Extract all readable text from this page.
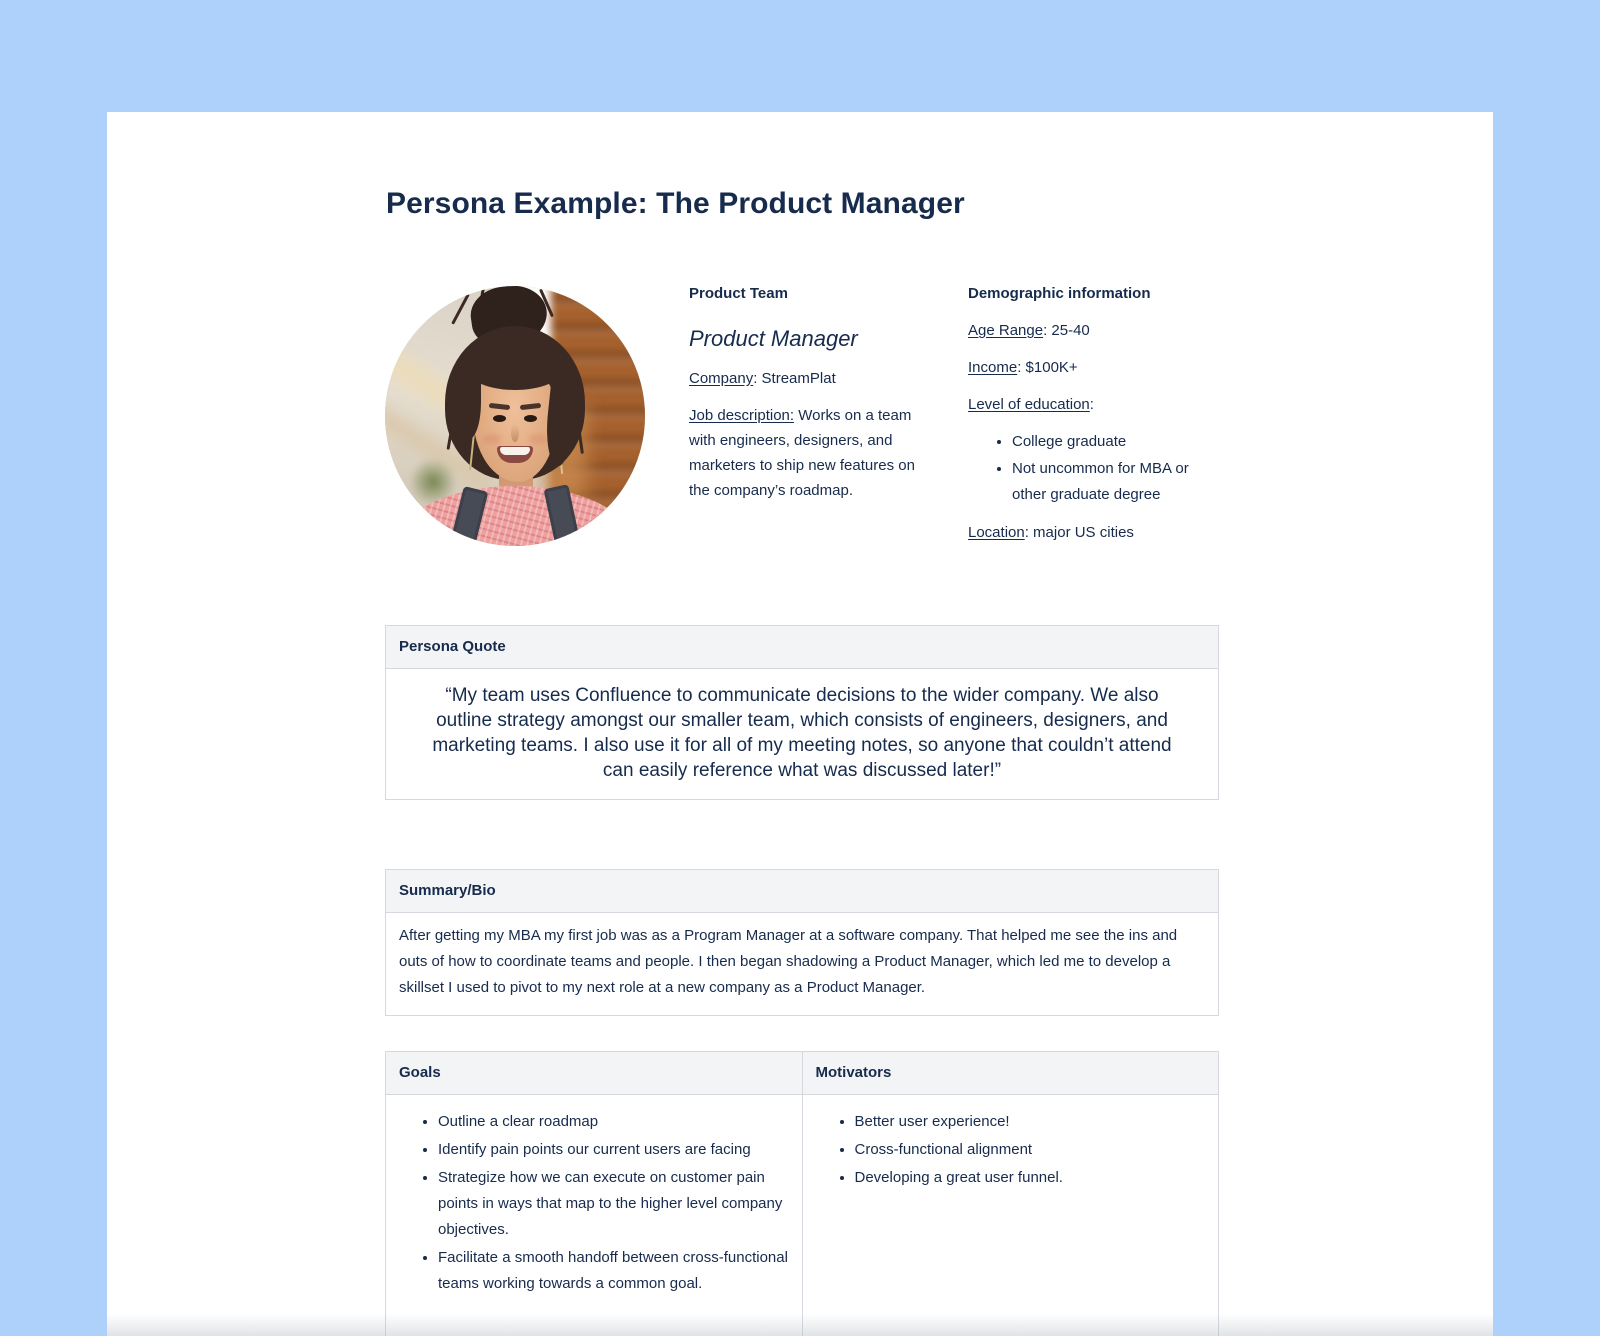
Persona Example: The Product Manager
Product Team
Product Manager

Company: StreamPlat

Job description: Works on a team with engineers, designers, and marketers to ship new features on the company’s roadmap.

Demographic information

Age Range: 25-40

Income: $100K+

Level of education:

• College graduate
• Not uncommon for MBA or other graduate degree

Location: major US cities

Persona Quote
“My team uses Confluence to communicate decisions to the wider company. We also outline strategy amongst our smaller team, which consists of engineers, designers, and marketing teams. I also use it for all of my meeting notes, so anyone that couldn’t attend can easily reference what was discussed later!”
Summary/Bio
After getting my MBA my first job was as a Program Manager at a software company. That helped me see the ins and outs of how to coordinate teams and people. I then began shadowing a Product Manager, which led me to develop a skillset I used to pivot to my next role at a new company as a Product Manager.
Goals	Motivators
• Outline a clear roadmap
• Identify pain points our current users are facing
• Strategize how we can execute on customer pain points in ways that map to the higher level company objectives.
• Facilitate a smooth handoff between cross-functional teams working towards a common goal.
• Better user experience!
• Cross-functional alignment
• Developing a great user funnel.
